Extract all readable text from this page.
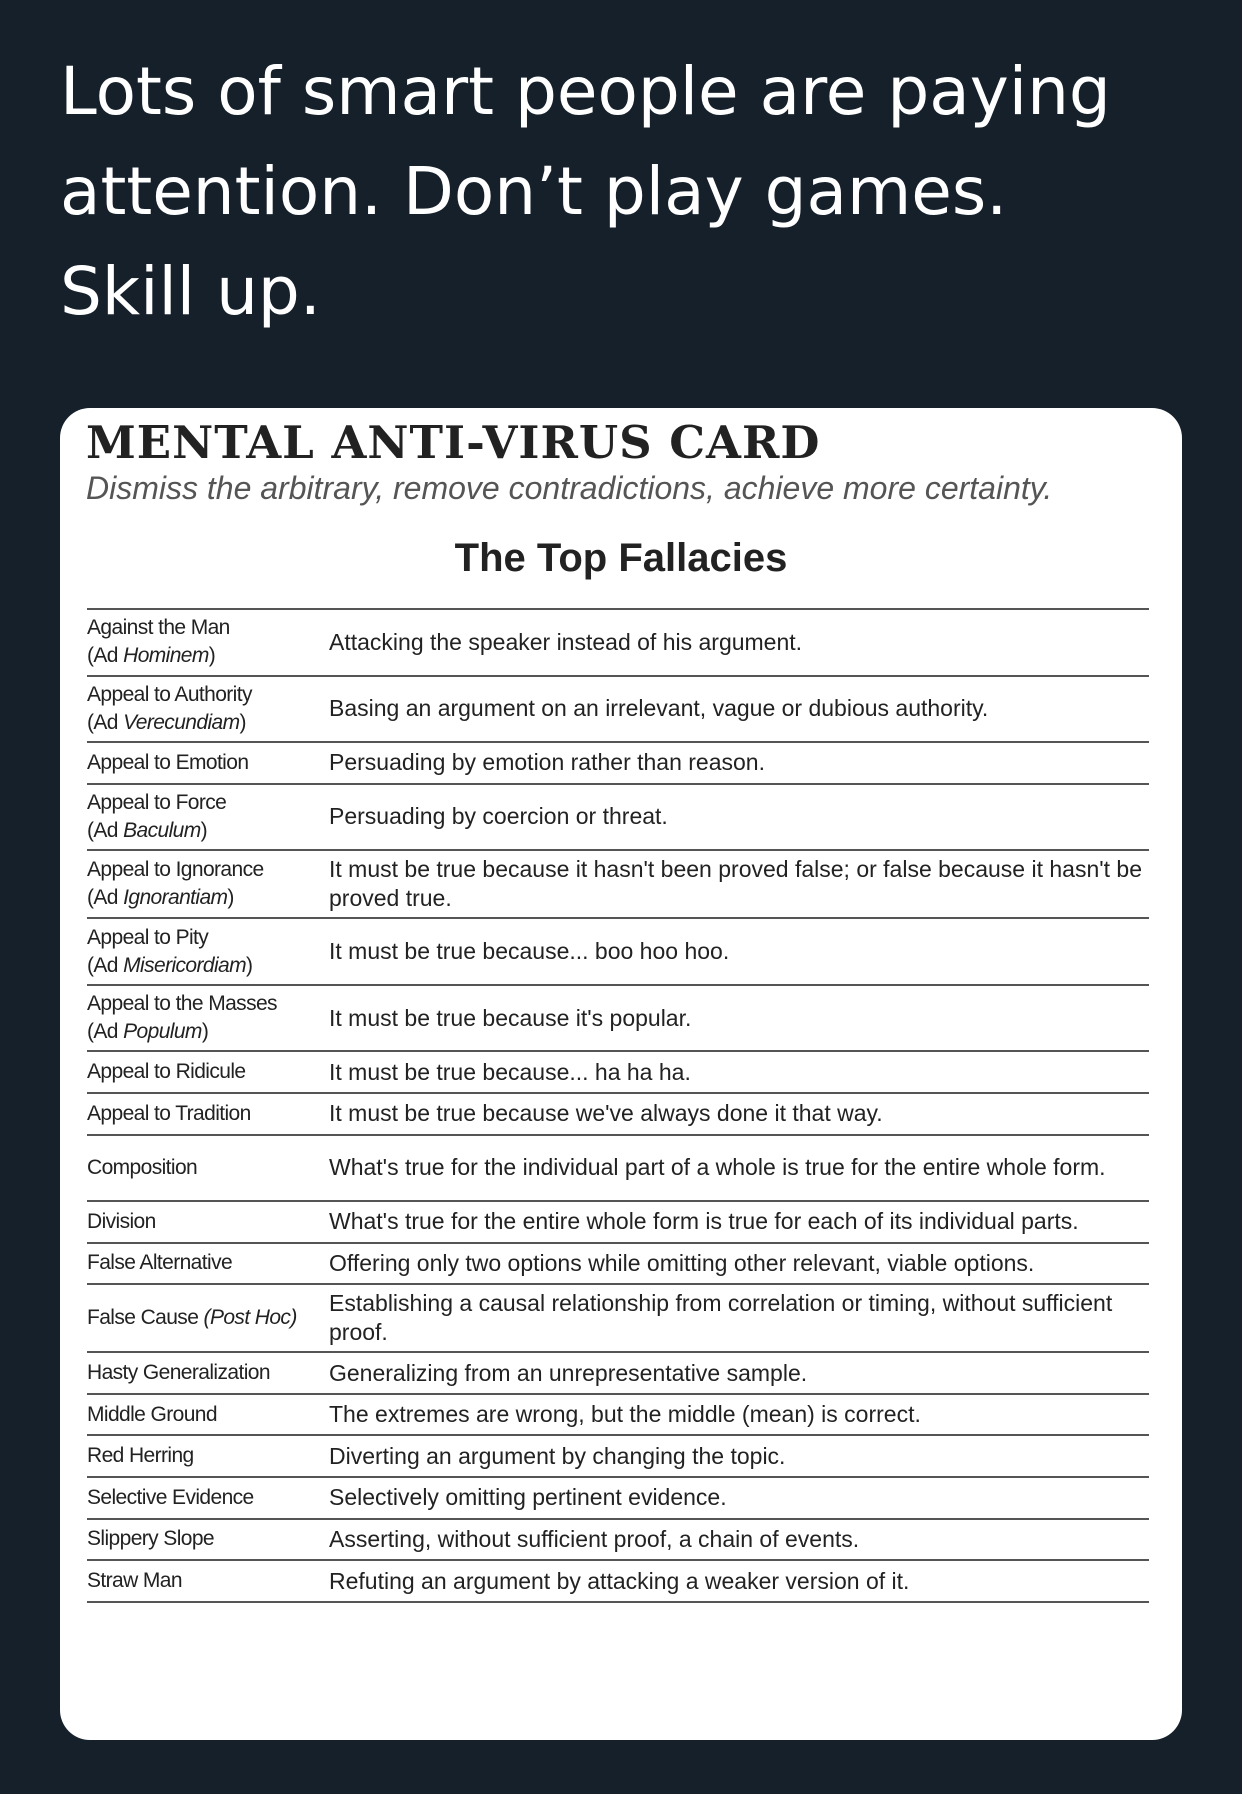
Lots of smart people are paying
attention. Don’t play games.
Skill up.

MENTAL ANTI-VIRUS CARD

Dismiss the arbitrary, remove contradictions, achieve more certainty.

The Top Fallacies
Against the Man
(Ad Hominem)	Attacking the speaker instead of his argument.

Appeal to Authority
(Ad Verecundiam)	Basing an argument on an irrelevant, vague or dubious authority.

Appeal to Emotion	Persuading by emotion rather than reason.

Appeal to Force
(Ad Baculum)	Persuading by coercion or threat.

Appeal to Ignorance
(Ad Ignorantiam)	It must be true because it hasn't been proved false; or false because it hasn't be proved true.

Appeal to Pity
(Ad Misericordiam)	It must be true because... boo hoo hoo.

Appeal to the Masses
(Ad Populum)	It must be true because it's popular.

Appeal to Ridicule	It must be true because... ha ha ha.

Appeal to Tradition	It must be true because we've always done it that way.

Composition	What's true for the individual part of a whole is true for the entire whole form.

Division	What's true for the entire whole form is true for each of its individual parts.

False Alternative	Offering only two options while omitting other relevant, viable options.

False Cause (Post Hoc)	Establishing a causal relationship from correlation or timing, without sufficient proof.

Hasty Generalization	Generalizing from an unrepresentative sample.

Middle Ground	The extremes are wrong, but the middle (mean) is correct.

Red Herring	Diverting an argument by changing the topic.

Selective Evidence	Selectively omitting pertinent evidence.

Slippery Slope	Asserting, without sufficient proof, a chain of events.

Straw Man	Refuting an argument by attacking a weaker version of it.
